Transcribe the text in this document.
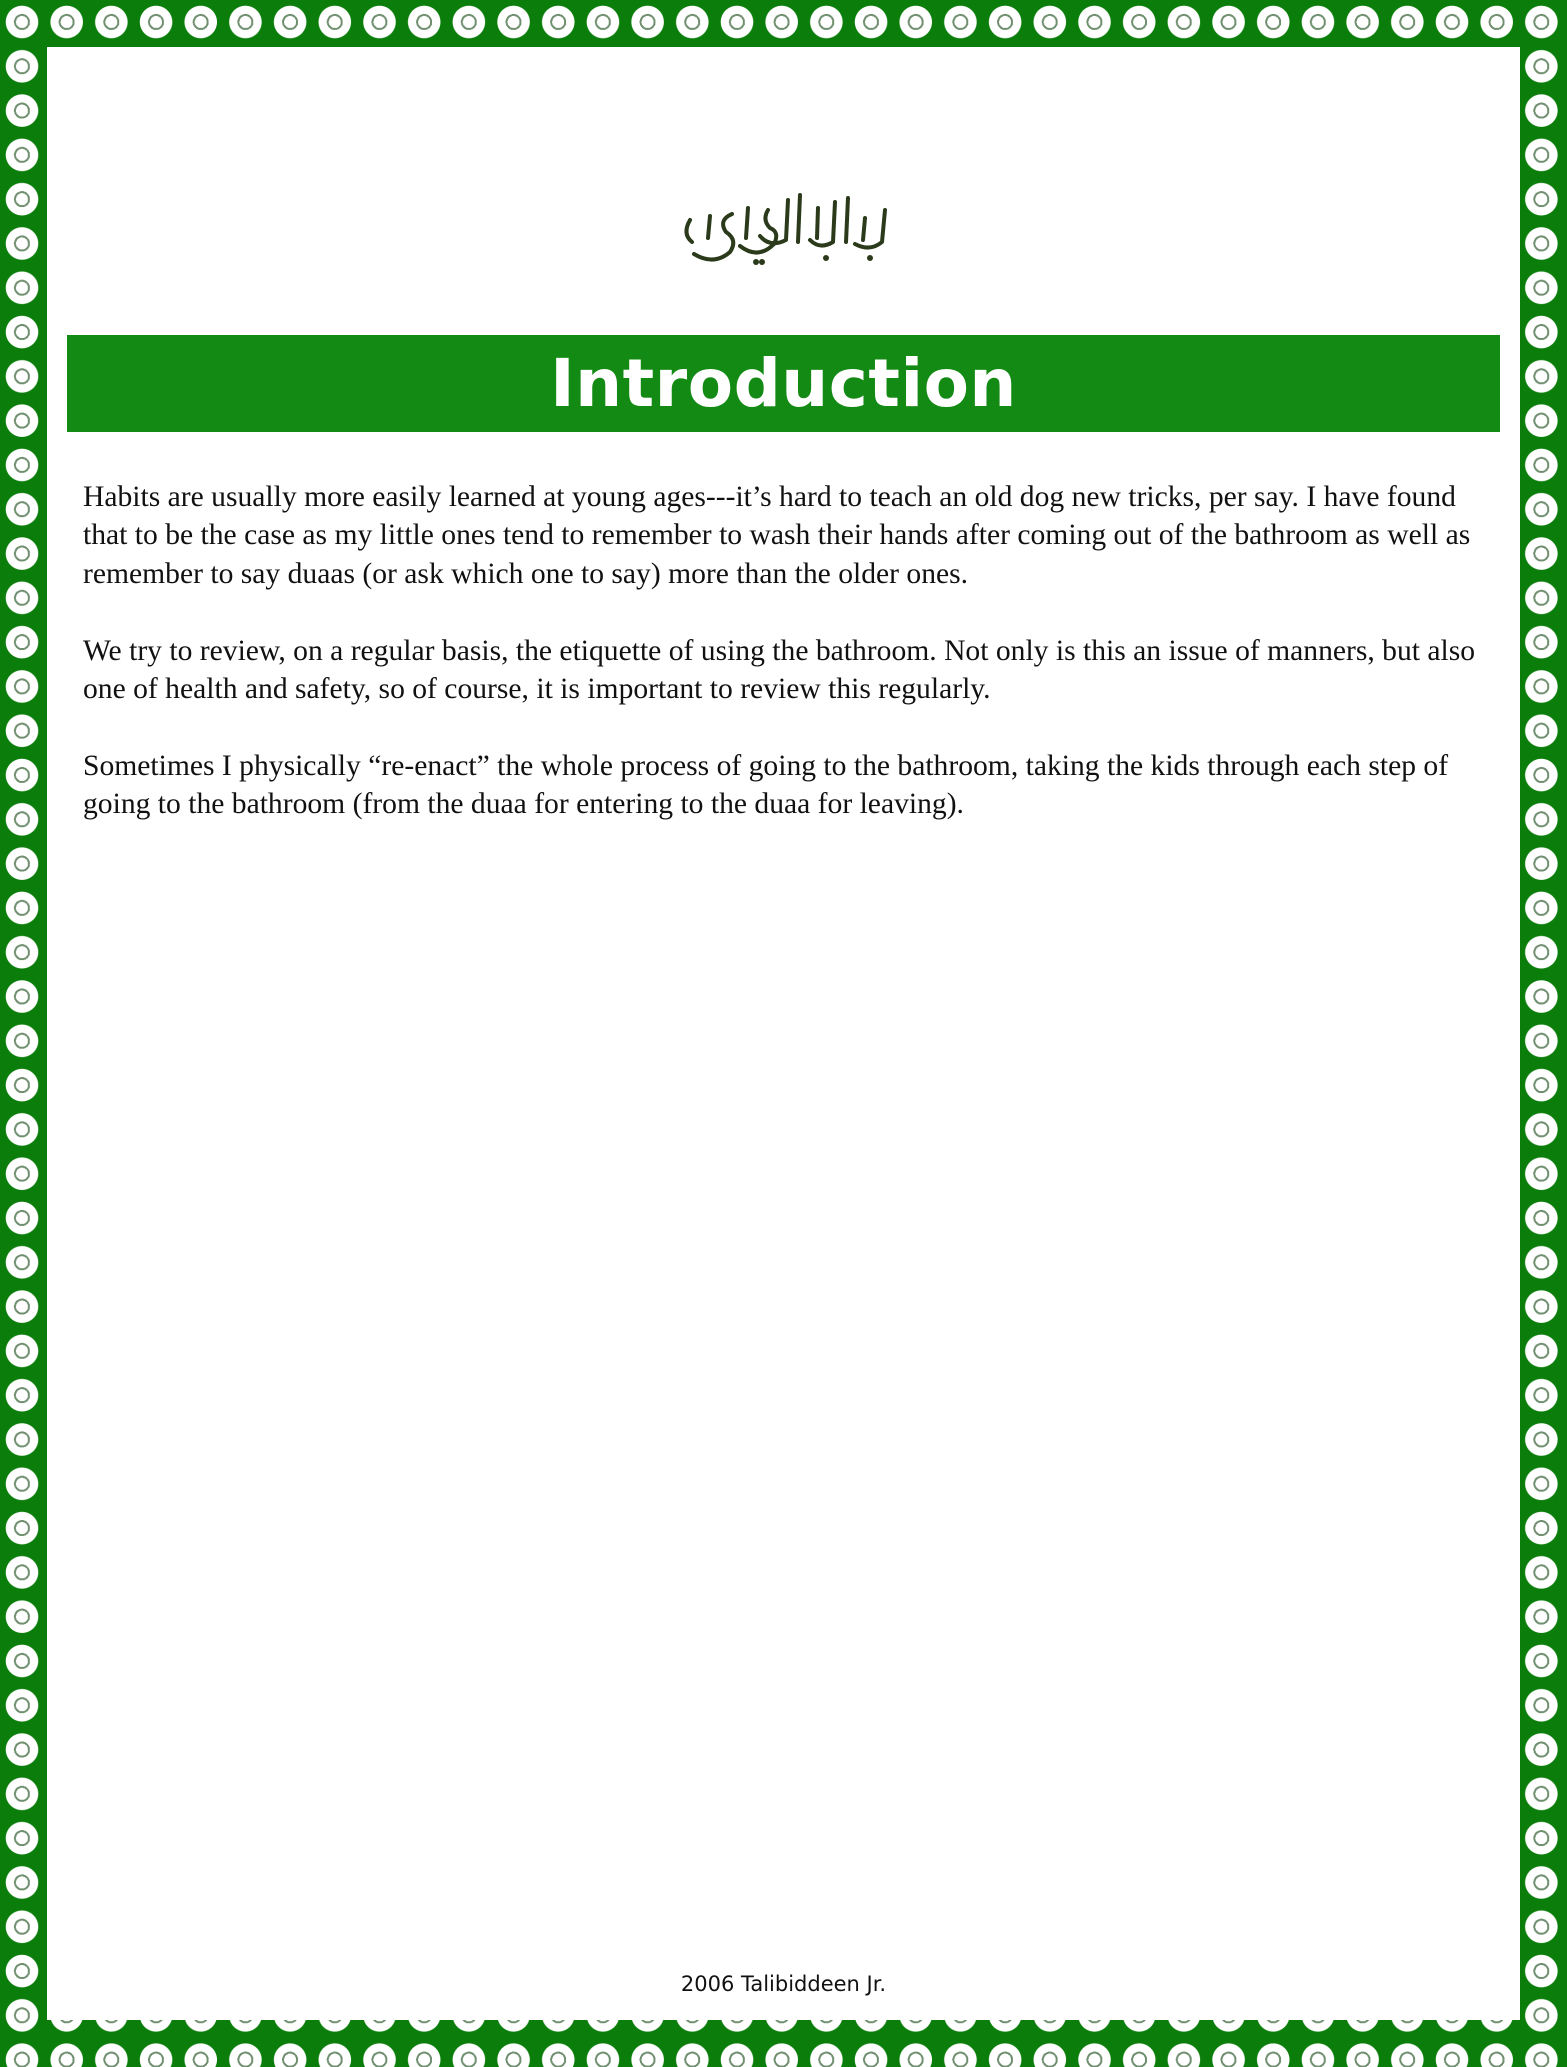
Introduction

Habits are usually more easily learned at young ages---it’s hard to teach an old dog new tricks, per say. I have found that to be the case as my little ones tend to remember to wash their hands after coming out of the bathroom as well as remember to say duaas (or ask which one to say) more than the older ones.

We try to review, on a regular basis, the etiquette of using the bathroom. Not only is this an issue of manners, but also one of health and safety, so of course, it is important to review this regularly.

Sometimes I physically “re-enact” the whole process of going to the bathroom, taking the kids through each step of going to the bathroom (from the duaa for entering to the duaa for leaving).

2006 Talibiddeen Jr.
